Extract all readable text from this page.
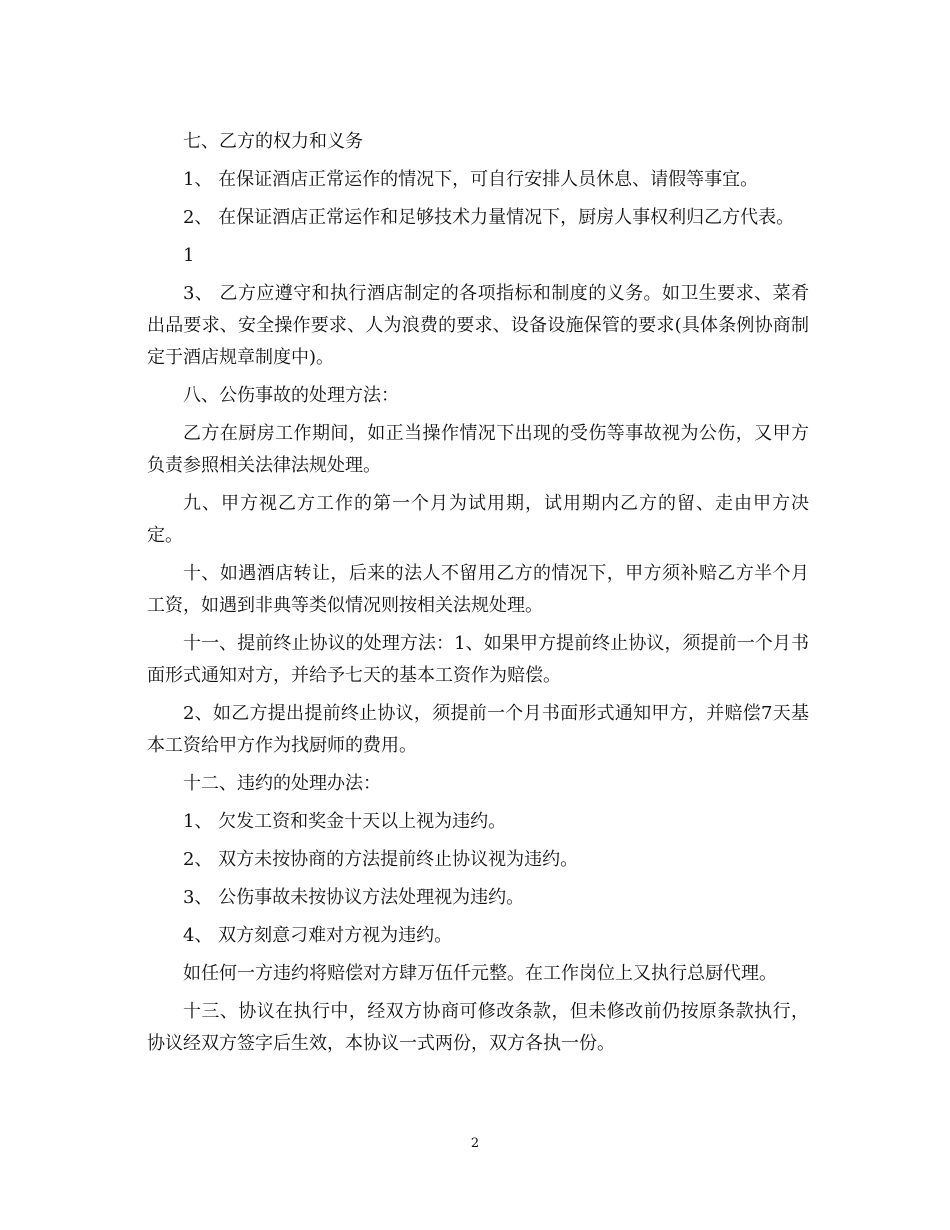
七、乙方的权力和义务

1、 在保证酒店正常运作的情况下，可自行安排人员休息、请假等事宜。

2、 在保证酒店正常运作和足够技术力量情况下，厨房人事权利归乙方代表。

1

3、 乙方应遵守和执行酒店制定的各项指标和制度的义务。如卫生要求、菜肴出品要求、安全操作要求、人为浪费的要求、设备设施保管的要求(具体条例协商制定于酒店规章制度中)。

八、公伤事故的处理方法：

乙方在厨房工作期间，如正当操作情况下出现的受伤等事故视为公伤，又甲方负责参照相关法律法规处理。

九、甲方视乙方工作的第一个月为试用期，试用期内乙方的留、走由甲方决定。

十、如遇酒店转让，后来的法人不留用乙方的情况下，甲方须补赔乙方半个月工资，如遇到非典等类似情况则按相关法规处理。

十一、提前终止协议的处理方法：1、如果甲方提前终止协议，须提前一个月书面形式通知对方，并给予七天的基本工资作为赔偿。

2、如乙方提出提前终止协议，须提前一个月书面形式通知甲方，并赔偿7天基本工资给甲方作为找厨师的费用。

十二、违约的处理办法：

1、 欠发工资和奖金十天以上视为违约。

2、 双方未按协商的方法提前终止协议视为违约。

3、 公伤事故未按协议方法处理视为违约。

4、 双方刻意刁难对方视为违约。

如任何一方违约将赔偿对方肆万伍仟元整。在工作岗位上又执行总厨代理。

十三、协议在执行中，经双方协商可修改条款，但未修改前仍按原条款执行，协议经双方签字后生效，本协议一式两份，双方各执一份。

2
